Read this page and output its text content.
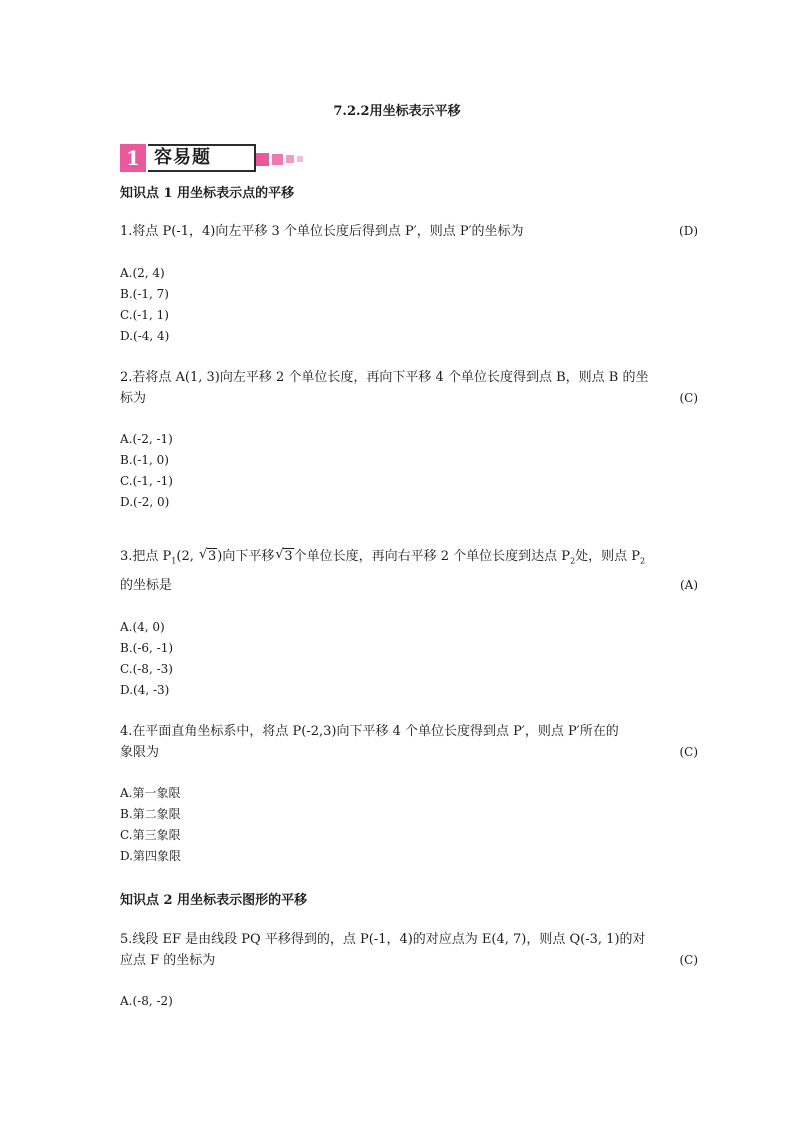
7.2.2用坐标表示平移
1 容易题
知识点 1 用坐标表示点的平移
1.将点 P(-1，4)向左平移 3 个单位长度后得到点 P′，则点 P′的坐标为	(D)
A.(2, 4)
B.(-1, 7)
C.(-1, 1)
D.(-4, 4)
2.若将点 A(1, 3)向左平移 2 个单位长度，再向下平移 4 个单位长度得到点 B，则点 B 的坐
标为	(C)
A.(-2, -1)
B.(-1, 0)
C.(-1, -1)
D.(-2, 0)
3.把点 $P_1(2$, √ 3)向下平移 √ 3个单位长度，再向右平移 2 个单位长度到达点 $P_2$处，则点 $P_2$
的坐标是	(A)
A.(4, 0)
B.(-6, -1)
C.(-8, -3)
D.(4, -3)
4.在平面直角坐标系中，将点 P(-2,3)向下平移 4 个单位长度得到点 P′，则点 P′所在的
象限为	(C)
A.第一象限
B.第二象限
C.第三象限
D.第四象限
知识点 2 用坐标表示图形的平移
5.线段 EF 是由线段 PQ 平移得到的，点 P(-1，4)的对应点为 E(4, 7)，则点 Q(-3, 1)的对
应点 F 的坐标为	(C)
A.(-8, -2)
